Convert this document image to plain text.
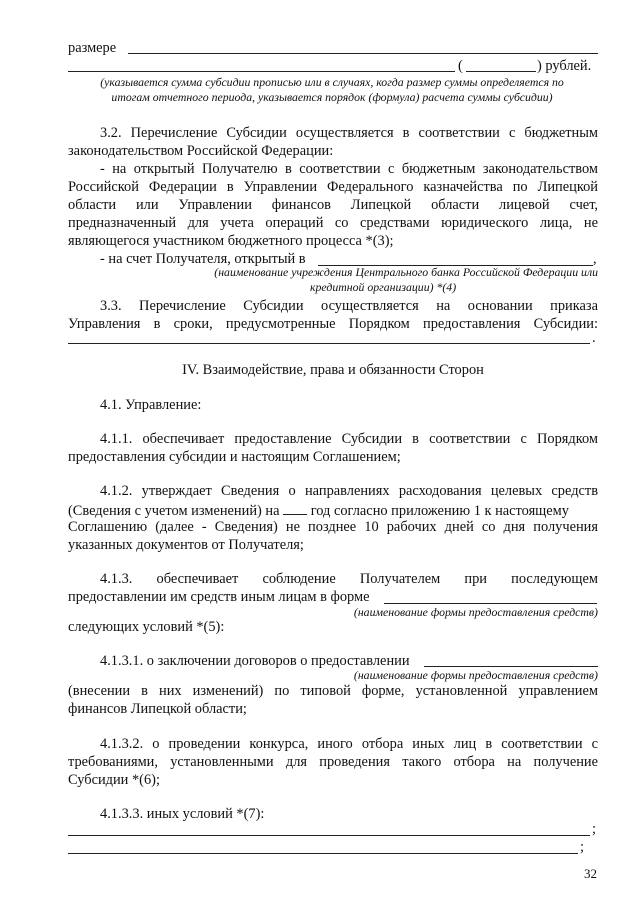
размере
(	) рублей.
(указывается сумма субсидии прописью или в случаях, когда размер суммы определяется по
итогам отчетного периода, указывается порядок (формула) расчета суммы субсидии)
3.2. Перечисление Субсидии осуществляется в соответствии с бюджетным
законодательством Российской Федерации:
- на открытый Получателю в соответствии с бюджетным законодательством
Российской Федерации в Управлении Федерального казначейства по Липецкой
области или Управлении финансов Липецкой области лицевой счет,
предназначенный для учета операций со средствами юридического лица, не
являющегося участником бюджетного процесса *(3);
- на счет Получателя, открытый в	,
(наименование учреждения Центрального банка Российской Федерации или
кредитной организации) *(4)
3.3. Перечисление Субсидии осуществляется на основании приказа
Управления в сроки, предусмотренные Порядком предоставления Субсидии:
.
IV. Взаимодействие, права и обязанности Сторон
4.1. Управление:
4.1.1. обеспечивает предоставление Субсидии в соответствии с Порядком
предоставления субсидии и настоящим Соглашением;
4.1.2. утверждает Сведения о направлениях расходования целевых средств
(Сведения с учетом изменений) на год согласно приложению 1 к настоящему
Соглашению (далее - Сведения) не позднее 10 рабочих дней со дня получения
указанных документов от Получателя;
4.1.3. обеспечивает соблюдение Получателем при последующем
предоставлении им средств иным лицам в форме
(наименование формы предоставления средств)
следующих условий *(5):
4.1.3.1. о заключении договоров о предоставлении
(наименование формы предоставления средств)
(внесении в них изменений) по типовой форме, установленной управлением
финансов Липецкой области;
4.1.3.2. о проведении конкурса, иного отбора иных лиц в соответствии с
требованиями, установленными для проведения такого отбора на получение
Субсидии *(6);
4.1.3.3. иных условий *(7):
;
;
32
